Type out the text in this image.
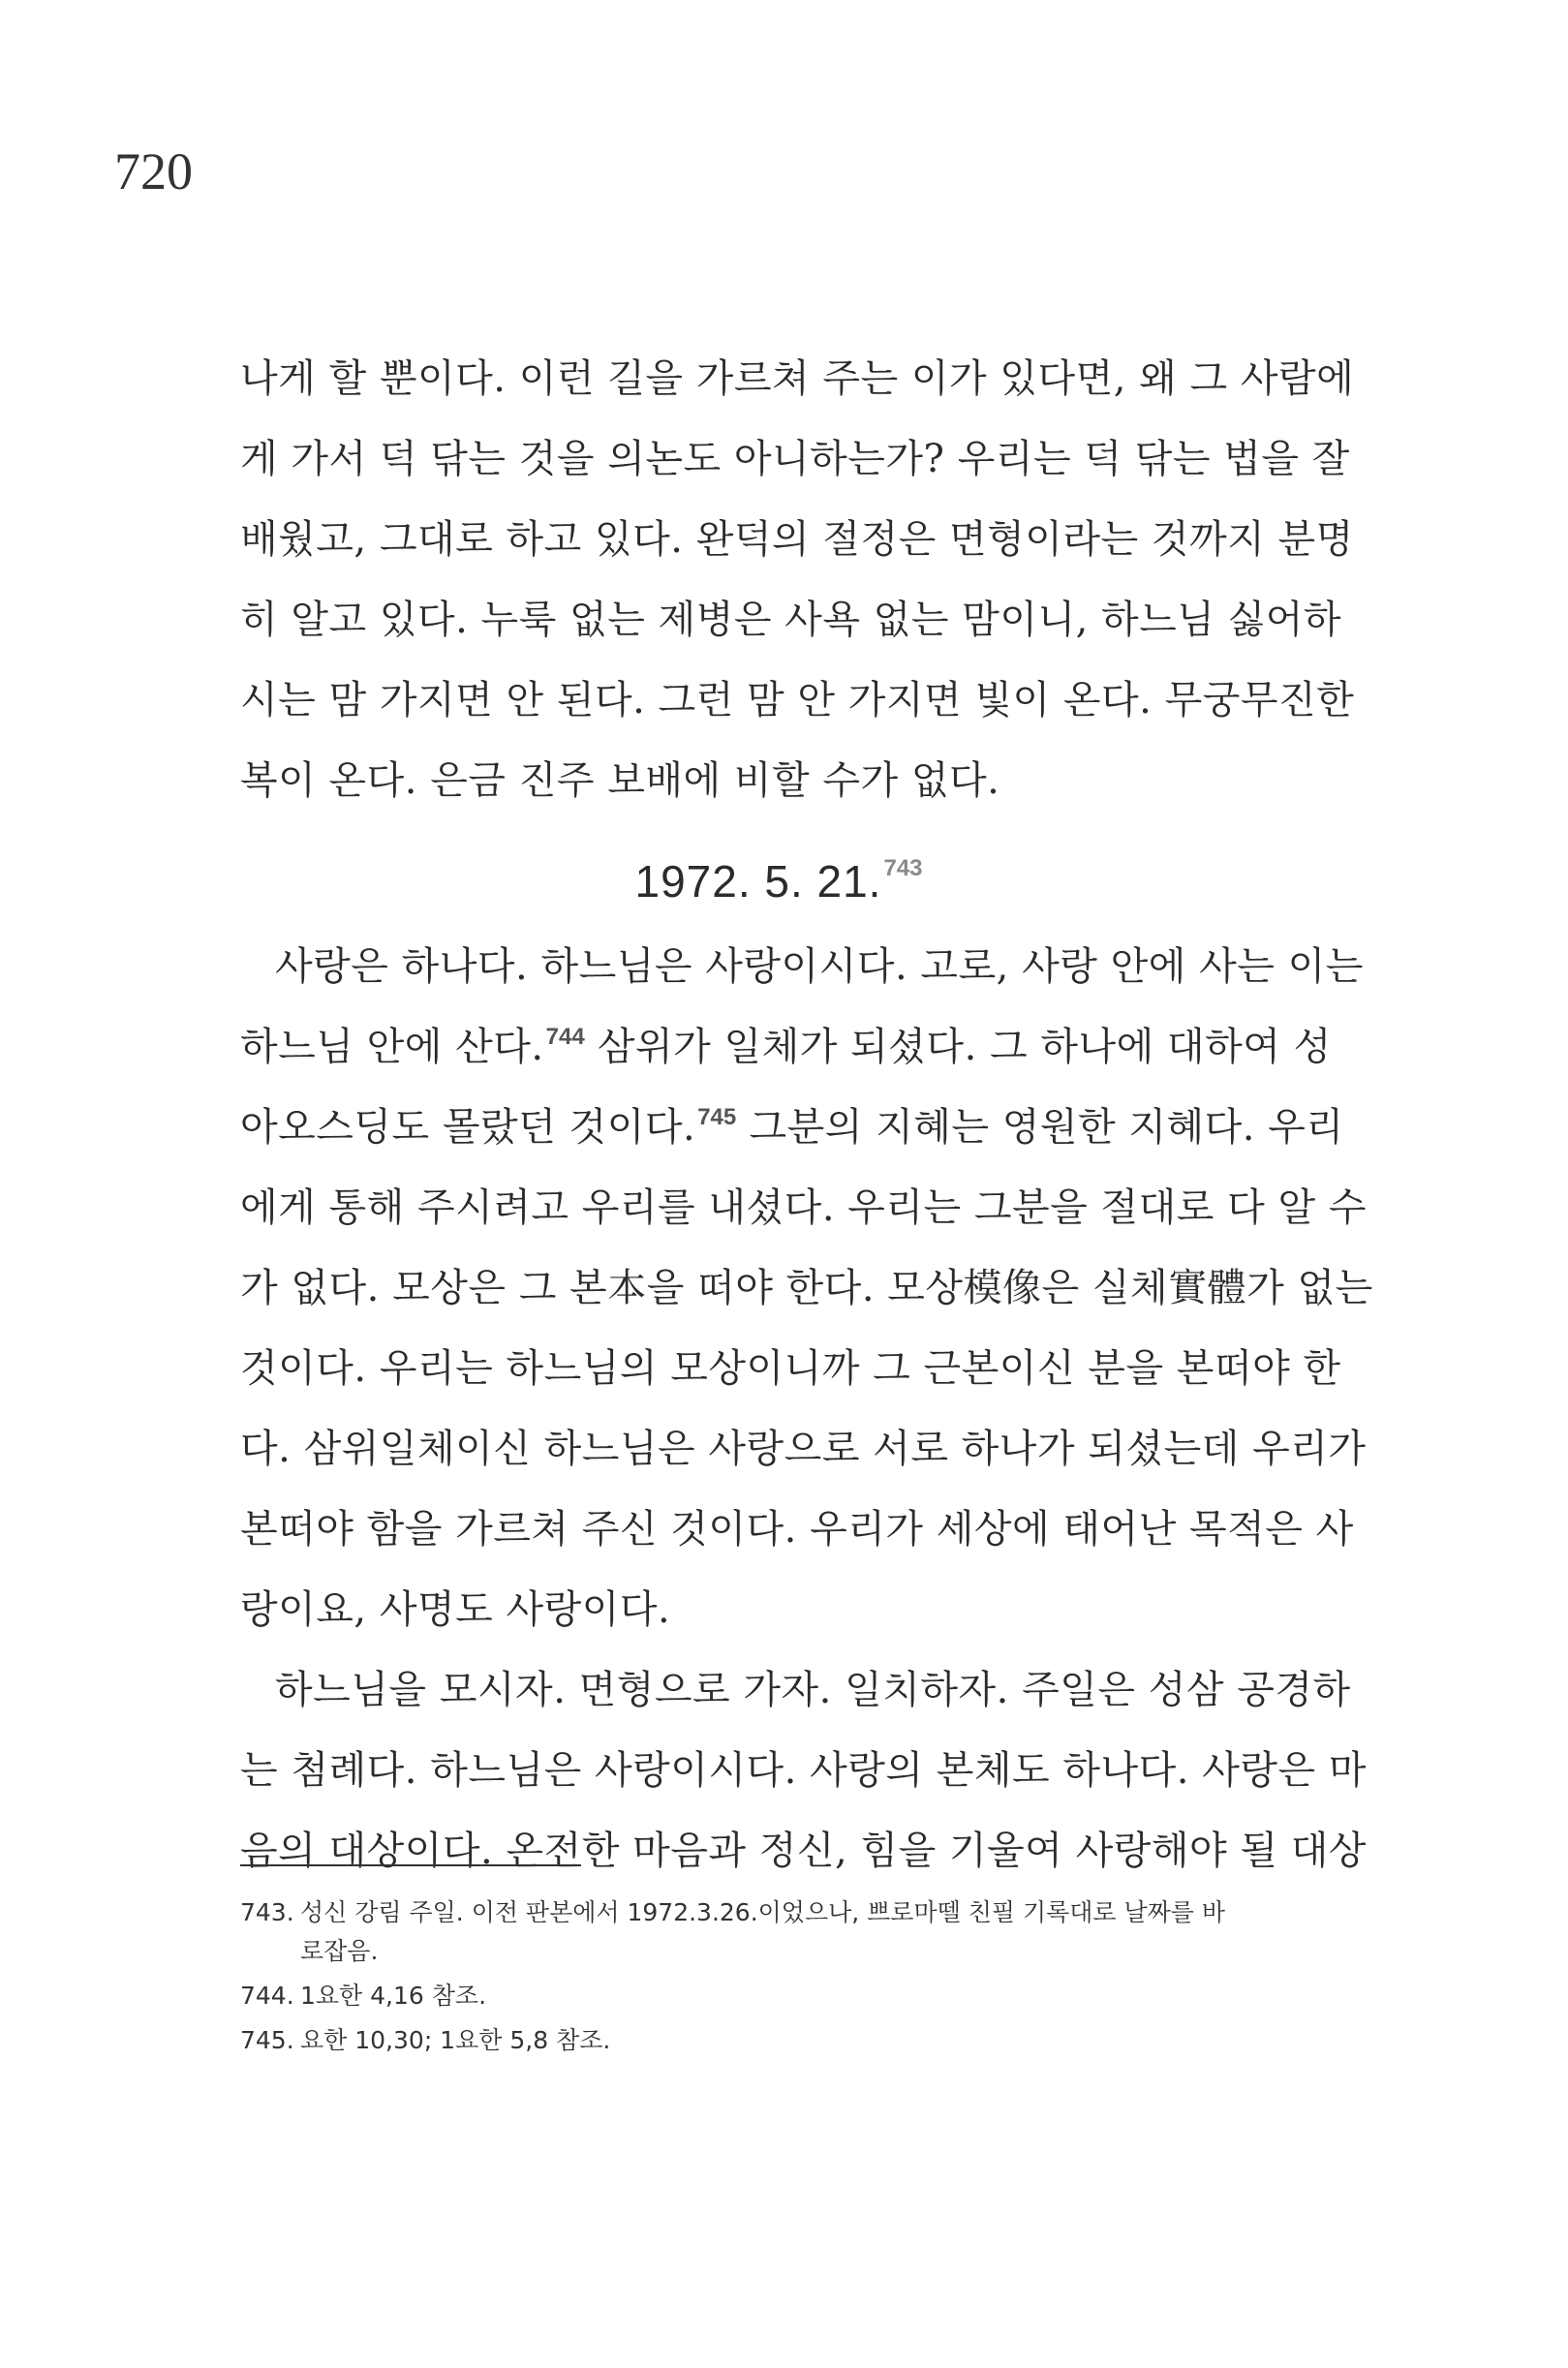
720
나게 할 뿐이다. 이런 길을 가르쳐 주는 이가 있다면, 왜 그 사람에
게 가서 덕 닦는 것을 의논도 아니하는가? 우리는 덕 닦는 법을 잘
배웠고, 그대로 하고 있다. 완덕의 절정은 면형이라는 것까지 분명
히 알고 있다. 누룩 없는 제병은 사욕 없는 맘이니, 하느님 싫어하
시는 맘 가지면 안 된다. 그런 맘 안 가지면 빛이 온다. 무궁무진한
복이 온다. 은금 진주 보배에 비할 수가 없다.
1972. 5. 21.$^{743}$
사랑은 하나다. 하느님은 사랑이시다. 고로, 사랑 안에 사는 이는
하느님 안에 산다.$^{744}$ 삼위가 일체가 되셨다. 그 하나에 대하여 성
아오스딩도 몰랐던 것이다.$^{745}$ 그분의 지혜는 영원한 지혜다. 우리
에게 통해 주시려고 우리를 내셨다. 우리는 그분을 절대로 다 알 수
가 없다. 모상은 그 본本을 떠야 한다. 모상模像은 실체實體가 없는
것이다. 우리는 하느님의 모상이니까 그 근본이신 분을 본떠야 한
다. 삼위일체이신 하느님은 사랑으로 서로 하나가 되셨는데 우리가
본떠야 함을 가르쳐 주신 것이다. 우리가 세상에 태어난 목적은 사
랑이요, 사명도 사랑이다.
하느님을 모시자. 면형으로 가자. 일치하자. 주일은 성삼 공경하
는 첨례다. 하느님은 사랑이시다. 사랑의 본체도 하나다. 사랑은 마
음의 대상이다. 온전한 마음과 정신, 힘을 기울여 사랑해야 될 대상
743. 성신 강림 주일. 이전 판본에서 1972.3.26.이었으나, 쁘로마뗄 친필 기록대로 날짜를 바
로잡음.
744. 1요한 4,16 참조.
745. 요한 10,30; 1요한 5,8 참조.
